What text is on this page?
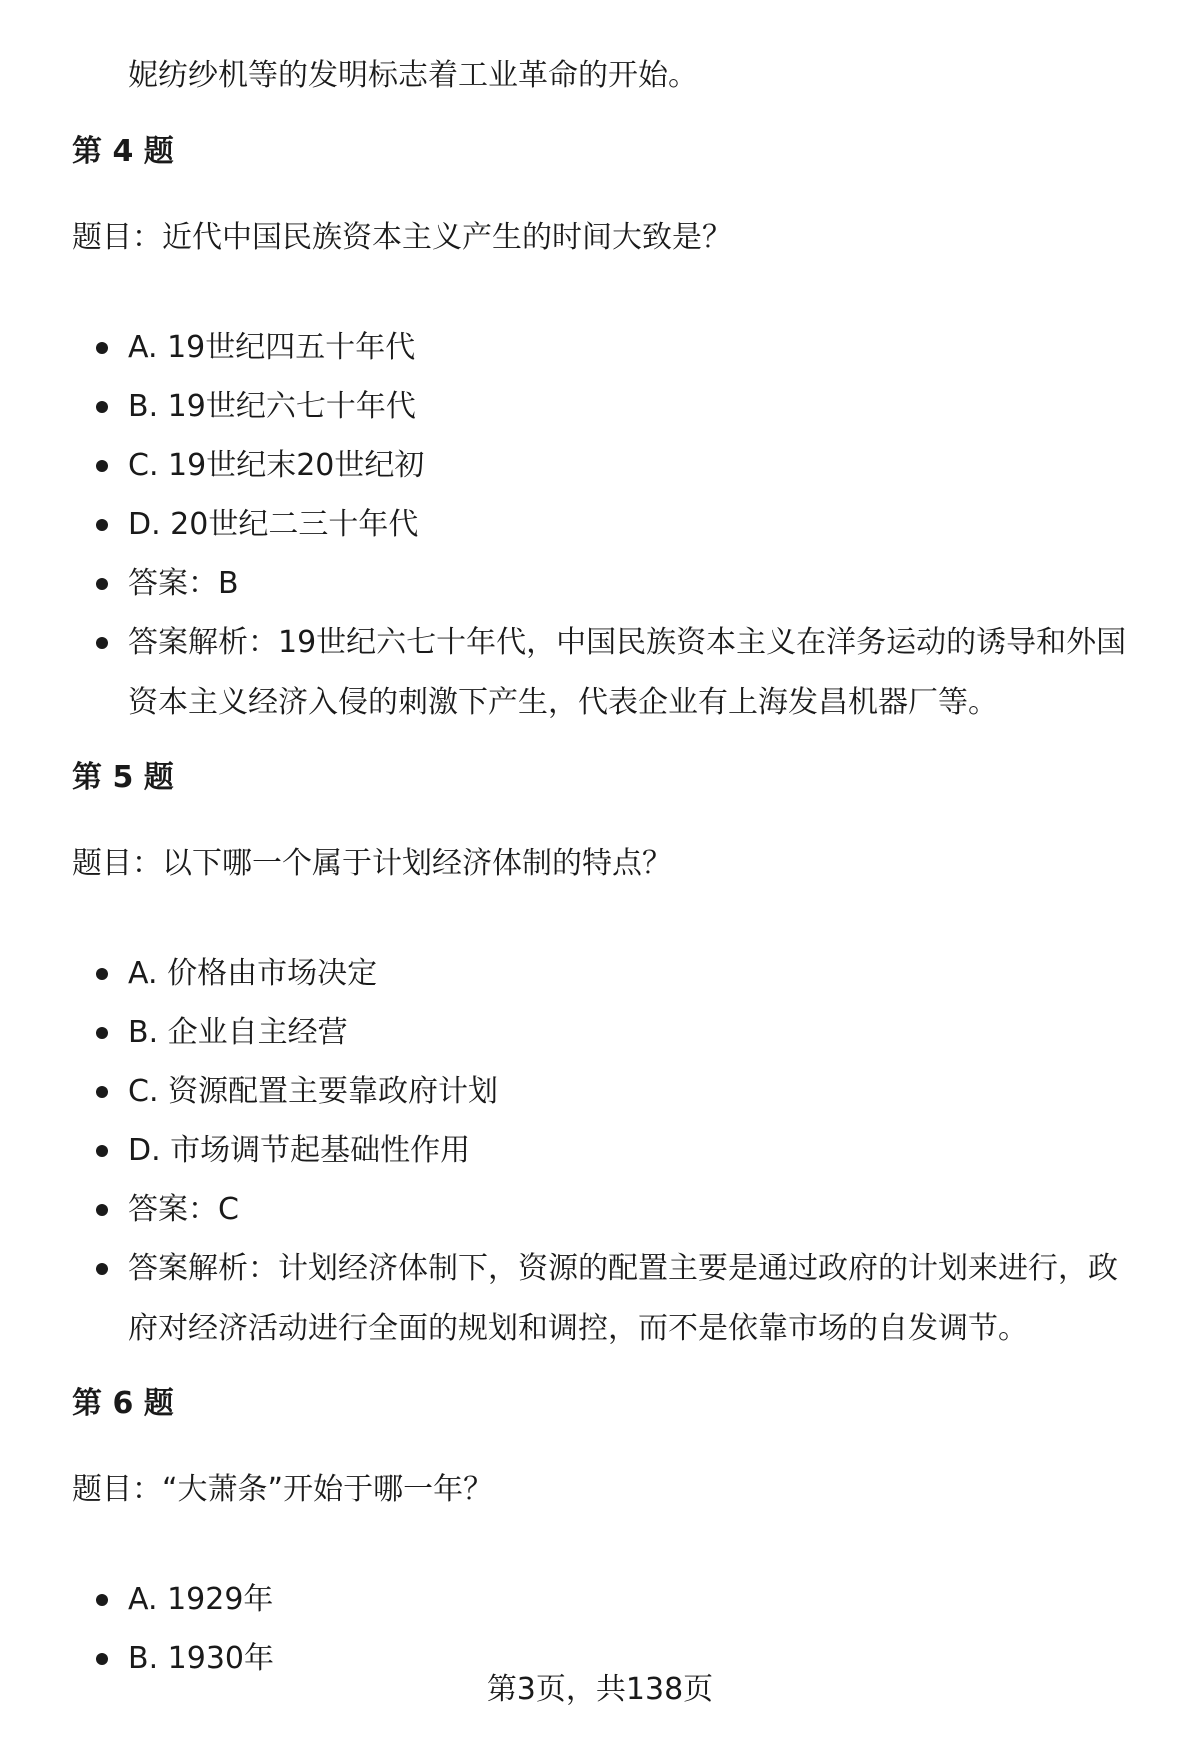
妮纺纱机等的发明标志着工业革命的开始。
第 4 题
题目：近代中国民族资本主义产生的时间大致是？
A. 19世纪四五十年代
B. 19世纪六七十年代
C. 19世纪末20世纪初
D. 20世纪二三十年代
答案：B
答案解析：19世纪六七十年代，中国民族资本主义在洋务运动的诱导和外国资本主义经济入侵的刺激下产生，代表企业有上海发昌机器厂等。
第 5 题
题目：以下哪一个属于计划经济体制的特点？
A. 价格由市场决定
B. 企业自主经营
C. 资源配置主要靠政府计划
D. 市场调节起基础性作用
答案：C
答案解析：计划经济体制下，资源的配置主要是通过政府的计划来进行，政府对经济活动进行全面的规划和调控，而不是依靠市场的自发调节。
第 6 题
题目：“大萧条”开始于哪一年？
A. 1929年
B. 1930年
第3页，共138页
